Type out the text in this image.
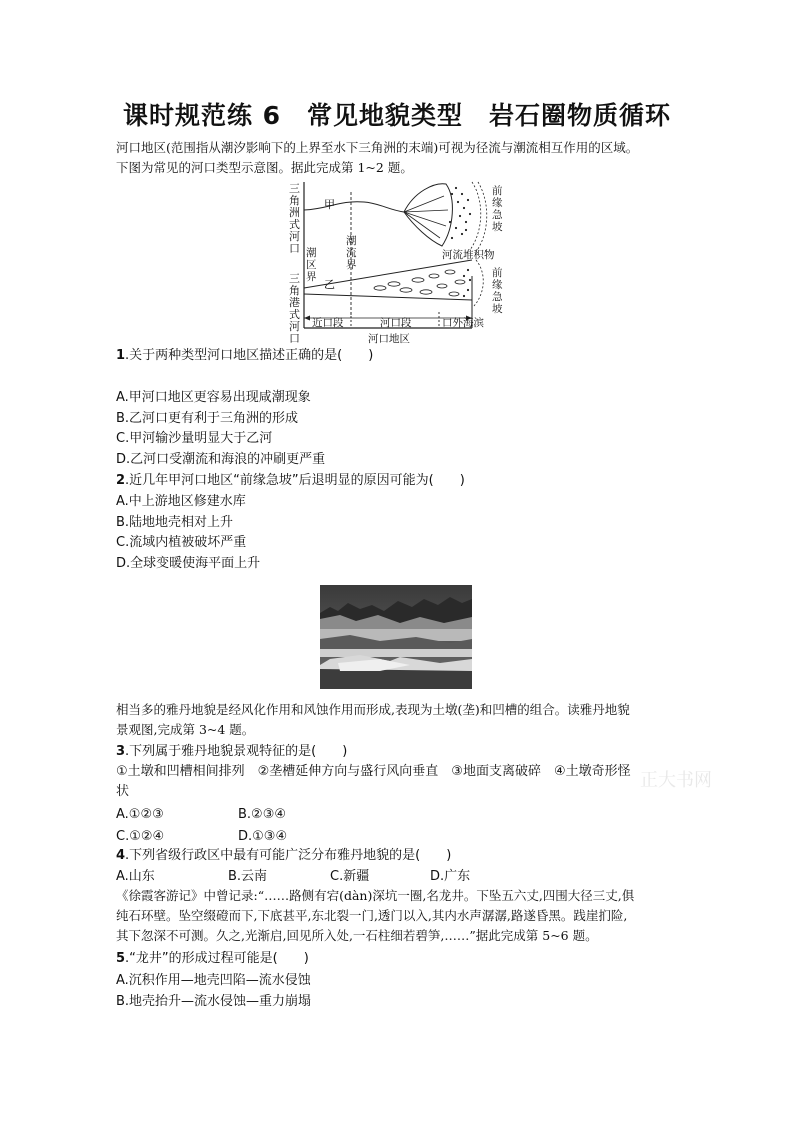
课时规范练 6　常见地貌类型　岩石圈物质循环
河口地区(范围指从潮汐影响下的上界至水下三角洲的末端)可视为径流与潮流相互作用的区域。
下图为常见的河口类型示意图。据此完成第 1~2 题。
三
角
洲
式
河
口
三
角
港
式
河
口
潮
区
界
潮
流
界
甲
乙
前
缘
急
坡
河流堆积物
前
缘
急
坡
近口段	河口段	口外海滨
河口地区
1.关于两种类型河口地区描述正确的是(　　)
A.甲河口地区更容易出现咸潮现象
B.乙河口更有利于三角洲的形成
C.甲河输沙量明显大于乙河
D.乙河口受潮流和海浪的冲刷更严重
2.近几年甲河口地区“前缘急坡”后退明显的原因可能为(　　)
A.中上游地区修建水库
B.陆地地壳相对上升
C.流域内植被破坏严重
D.全球变暖使海平面上升
相当多的雅丹地貌是经风化作用和风蚀作用而形成,表现为土墩(垄)和凹槽的组合。读雅丹地貌
景观图,完成第 3~4 题。
3.下列属于雅丹地貌景观特征的是(　　)
①土墩和凹槽相间排列　②垄槽延伸方向与盛行风向垂直　③地面支离破碎　④土墩奇形怪
状
A.①②③	B.②③④
C.①②④	D.①③④
4.下列省级行政区中最有可能广泛分布雅丹地貌的是(　　)
A.山东	B.云南	C.新疆	D.广东
《徐霞客游记》中曾记录:“……路侧有宕(dàn)深坑一圈,名龙井。下坠五六丈,四围大径三丈,俱
纯石环壁。坠空缀磴而下,下底甚平,东北裂一门,透门以入,其内水声潺潺,路遂昏黑。践崖扪险,
其下忽深不可测。久之,光渐启,回见所入处,一石柱细若碧笋,……”据此完成第 5~6 题。
5.“龙井”的形成过程可能是(　　)
A.沉积作用—地壳凹陷—流水侵蚀
B.地壳抬升—流水侵蚀—重力崩塌
正大书网
